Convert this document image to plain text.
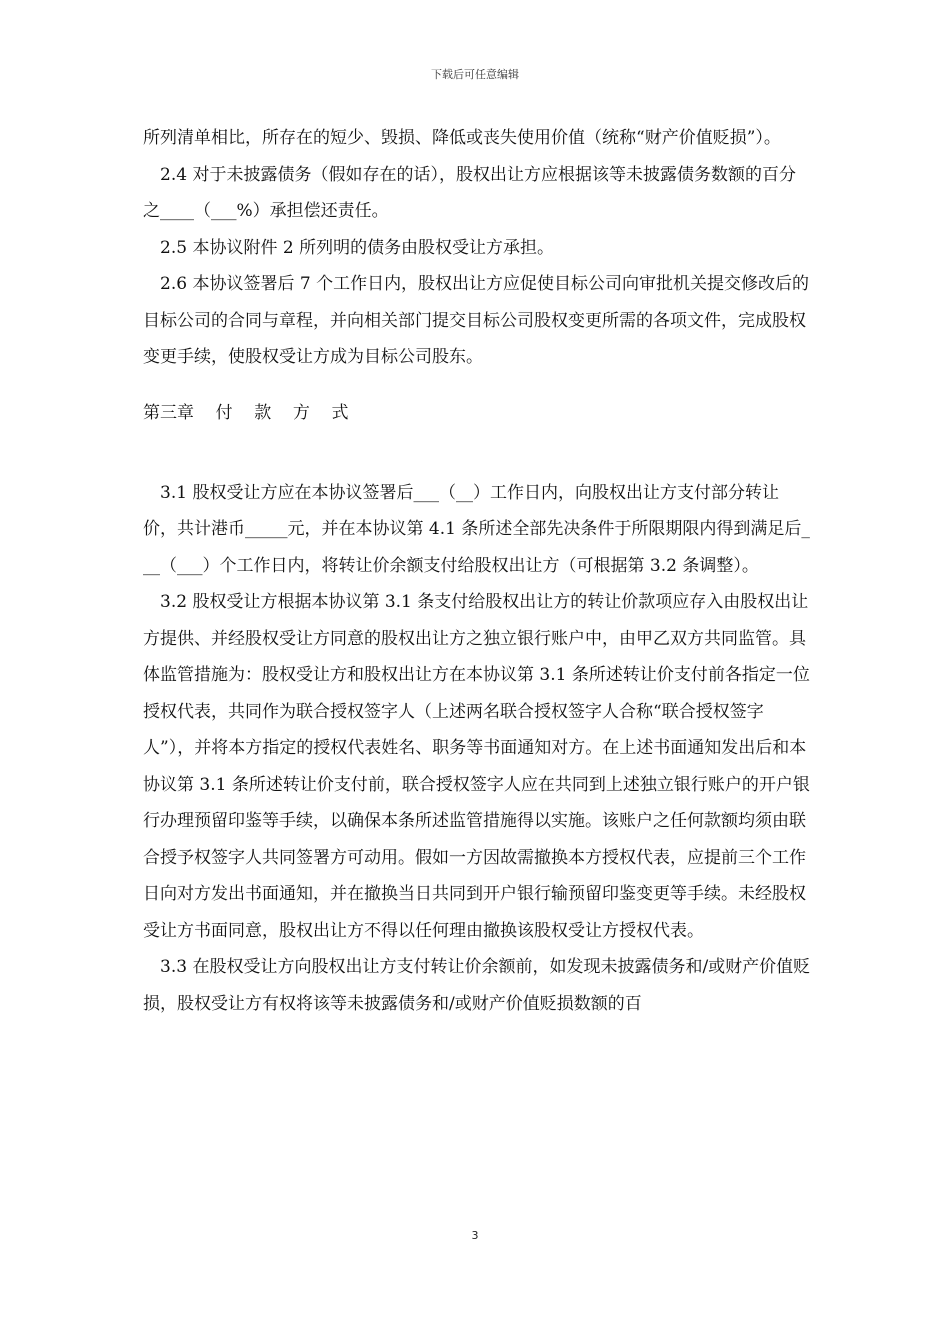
下载后可任意编辑

所列清单相比，所存在的短少、毁损、降低或丧失使用价值（统称“财产价值贬损”）。

2.4 对于未披露债务（假如存在的话），股权出让方应根据该等未披露债务数额的百分之____（___%）承担偿还责任。

2.5 本协议附件 2 所列明的债务由股权受让方承担。

2.6 本协议签署后 7 个工作日内，股权出让方应促使目标公司向审批机关提交修改后的目标公司的合同与章程，并向相关部门提交目标公司股权变更所需的各项文件，完成股权变更手续，使股权受让方成为目标公司股东。

第三章    付    款    方    式

3.1 股权受让方应在本协议签署后___（__）工作日内，向股权出让方支付部分转让价，共计港币_____元，并在本协议第 4.1 条所述全部先决条件于所限期限内得到满足后___（___）个工作日内，将转让价余额支付给股权出让方（可根据第 3.2 条调整）。

3.2 股权受让方根据本协议第 3.1 条支付给股权出让方的转让价款项应存入由股权出让方提供、并经股权受让方同意的股权出让方之独立银行账户中，由甲乙双方共同监管。具体监管措施为：股权受让方和股权出让方在本协议第 3.1 条所述转让价支付前各指定一位授权代表，共同作为联合授权签字人（上述两名联合授权签字人合称“联合授权签字人”），并将本方指定的授权代表姓名、职务等书面通知对方。在上述书面通知发出后和本协议第 3.1 条所述转让价支付前，联合授权签字人应在共同到上述独立银行账户的开户银行办理预留印鉴等手续，以确保本条所述监管措施得以实施。该账户之任何款额均须由联合授予权签字人共同签署方可动用。假如一方因故需撤换本方授权代表，应提前三个工作日向对方发出书面通知，并在撤换当日共同到开户银行输预留印鉴变更等手续。未经股权受让方书面同意，股权出让方不得以任何理由撤换该股权受让方授权代表。

3.3 在股权受让方向股权出让方支付转让价余额前，如发现未披露债务和/或财产价值贬损，股权受让方有权将该等未披露债务和/或财产价值贬损数额的百

3
